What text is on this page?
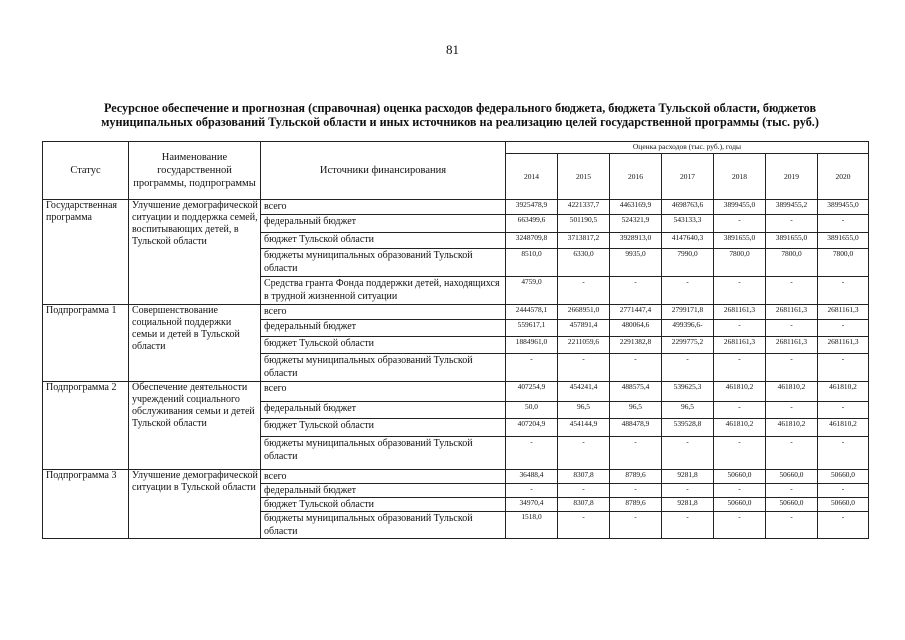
81
Ресурсное обеспечение и прогнозная (справочная) оценка расходов федерального бюджета, бюджета Тульской области, бюджетов
муниципальных образований Тульской области и иных источников на реализацию целей государственной программы (тыс. руб.)
Статус	Наименование государственной программы, подпрограммы	Источники финансирования	Оценка расходов (тыс. руб.), годы						
			2014	2015	2016	2017	2018	2019	2020
Государственная программа	Улучшение демографической ситуации и поддержка семей, воспитывающих детей, в Тульской области	всего	3925478,9	4221337,7	4463169,9	4698763,6	3899455,0	3899455,2	3899455,0
		федеральный бюджет	663499,6	501190,5	524321,9	543133,3	-	-	-
		бюджет Тульской области	3248709,8	3713817,2	3928913,0	4147640,3	3891655,0	3891655,0	3891655,0
		бюджеты муниципальных образований Тульской области	8510,0	6330,0	9935,0	7990,0	7800,0	7800,0	7800,0
		Средства гранта Фонда поддержки детей, находящихся в трудной жизненной ситуации	4759,0	-	-	-	-	-	-
Подпрограмма 1	Совершенствование социальной поддержки семьи и детей в Тульской области	всего	2444578,1	2668951,0	2771447,4	2799171,8	2681161,3	2681161,3	2681161,3
		федеральный бюджет	559617,1	457891,4	480064,6	499396,6-	-	-	-
		бюджет Тульской области	1884961,0	2211059,6	2291382,8	2299775,2	2681161,3	2681161,3	2681161,3
		бюджеты муниципальных образований Тульской области	-	-	-	-	-	-	-
Подпрограмма 2	Обеспечение деятельности учреждений социального обслуживания семьи и детей Тульской области	всего	407254,9	454241,4	488575,4	539625,3	461810,2	461810,2	461810,2
		федеральный бюджет	50,0	96,5	96,5	96,5	-	-	-
		бюджет Тульской области	407204,9	454144,9	488478,9	539528,8	461810,2	461810,2	461810,2
		бюджеты муниципальных образований Тульской области	-	-	-	-	-	-	-
Подпрограмма 3	Улучшение демографической ситуации в Тульской области	всего	36488,4	8307,8	8789,6	9281,8	50660,0	50660,0	50660,0
		федеральный бюджет	-	-	-	-	-	-	-
		бюджет Тульской области	34970,4	8307,8	8789,6	9281,8	50660,0	50660,0	50660,0
		бюджеты муниципальных образований Тульской области	1518,0	-	-	-	-	-	-
